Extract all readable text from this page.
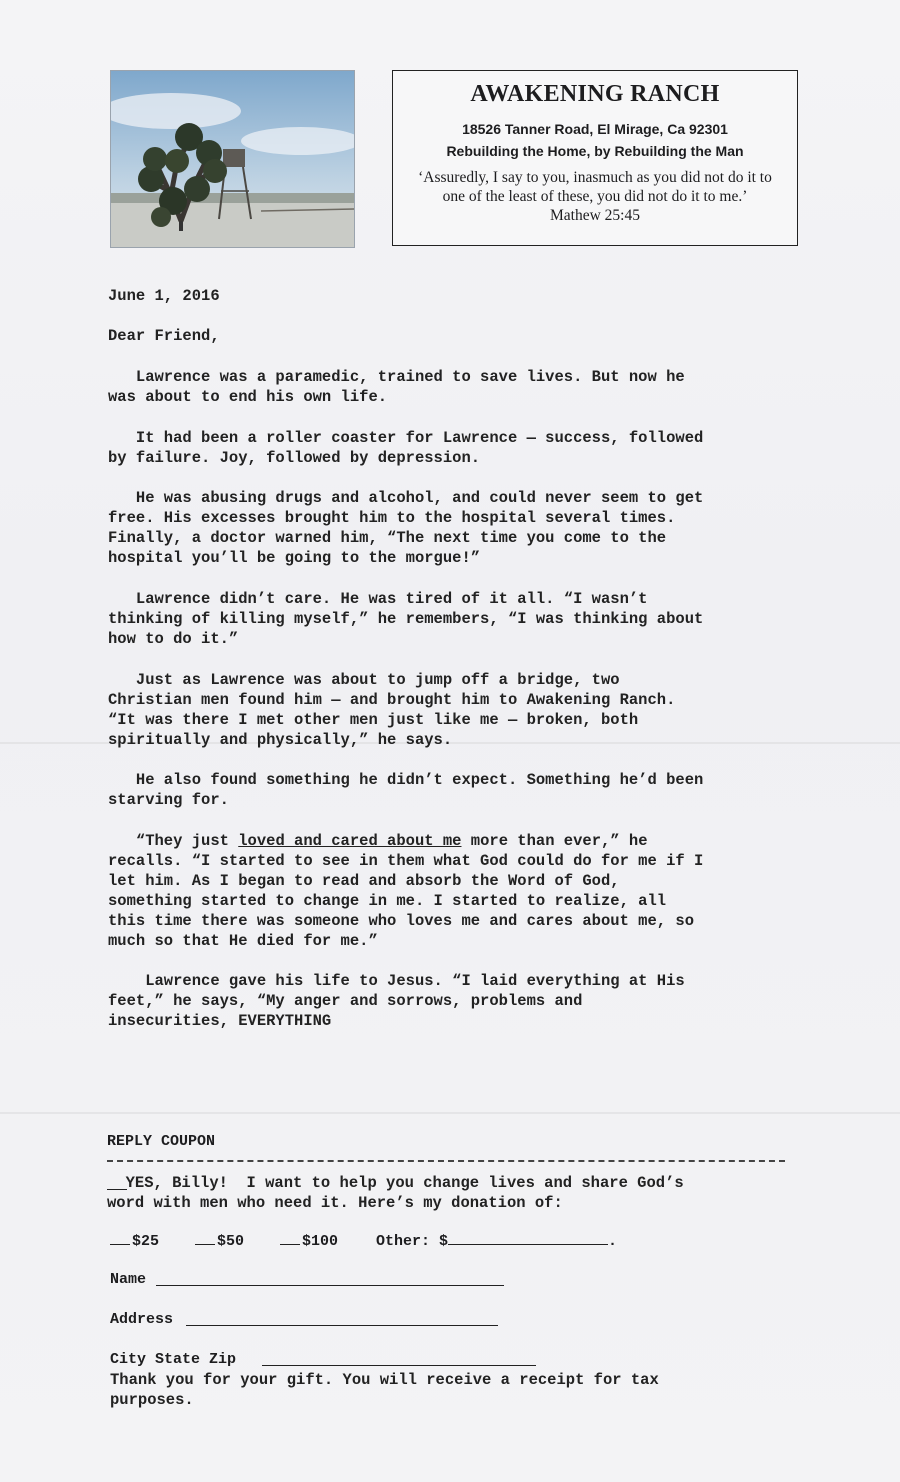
AWAKENING RANCH
18526 Tanner Road, El Mirage, Ca 92301
Rebuilding the Home, by Rebuilding the Man
‘Assuredly, I say to you, inasmuch as you did not do it to
one of the least of these, you did not do it to me.’
Mathew 25:45
June 1, 2016
Dear Friend,
Lawrence was a paramedic, trained to save lives. But now he
was about to end his own life.
It had been a roller coaster for Lawrence — success, followed
by failure. Joy, followed by depression.
He was abusing drugs and alcohol, and could never seem to get
free. His excesses brought him to the hospital several times.
Finally, a doctor warned him, “The next time you come to the
hospital you’ll be going to the morgue!”
Lawrence didn’t care. He was tired of it all. “I wasn’t
thinking of killing myself,” he remembers, “I was thinking about
how to do it.”
Just as Lawrence was about to jump off a bridge, two
Christian men found him — and brought him to Awakening Ranch.
“It was there I met other men just like me — broken, both
spiritually and physically,” he says.
He also found something he didn’t expect. Something he’d been
starving for.
“They just loved and cared about me more than ever,” he
recalls. “I started to see in them what God could do for me if I
let him. As I began to read and absorb the Word of God,
something started to change in me. I started to realize, all
this time there was someone who loves me and cares about me, so
much so that He died for me.”
Lawrence gave his life to Jesus. “I laid everything at His
feet,” he says, “My anger and sorrows, problems and
insecurities, EVERYTHING
REPLY COUPON
YES, Billy!  I want to help you change lives and share God’s
word with men who need it. Here’s my donation of:
$25	$50	$100	Other: $	.
Name
Address
City State Zip
Thank you for your gift. You will receive a receipt for tax
purposes.
